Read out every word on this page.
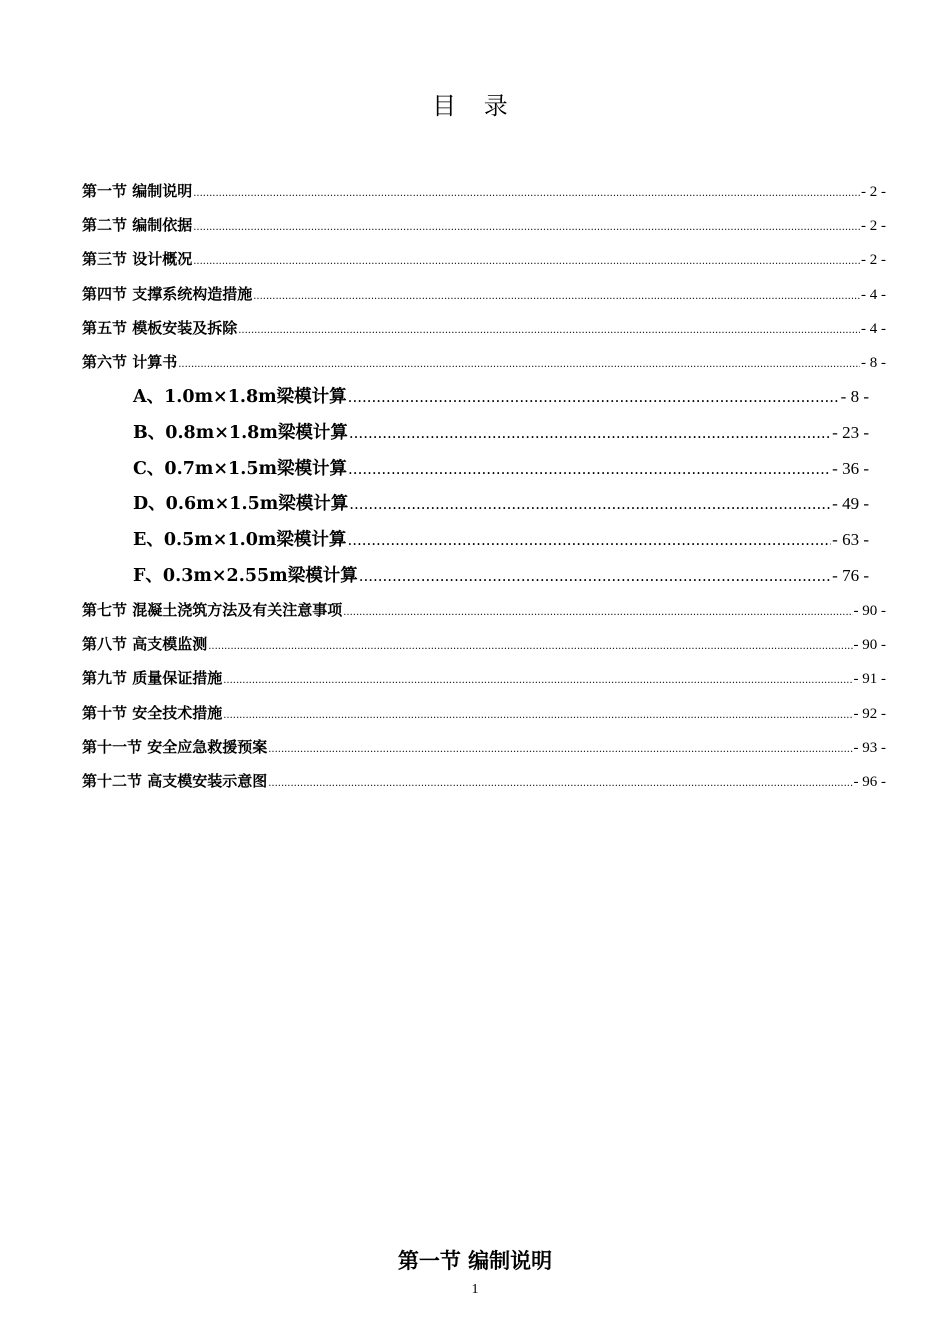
目 录
第一节 编制说明 .....	- 2 -
第二节 编制依据 .....	- 2 -
第三节 设计概况 .....	- 2 -
第四节 支撑系统构造措施 .....	- 4 -
第五节 模板安装及拆除 .....	- 4 -
第六节 计算书 .....	- 8 -
A、1.0m×1.8m梁模计算 .....	- 8 -
B、0.8m×1.8m梁模计算 .....	- 23 -
C、0.7m×1.5m梁模计算 .....	- 36 -
D、0.6m×1.5m梁模计算 .....	- 49 -
E、0.5m×1.0m梁模计算 .....	- 63 -
F、0.3m×2.55m梁模计算 .....	- 76 -
第七节 混凝土浇筑方法及有关注意事项 .....	- 90 -
第八节 高支模监测 .....	- 90 -
第九节 质量保证措施 .....	- 91 -
第十节 安全技术措施 .....	- 92 -
第十一节 安全应急救援预案 .....	- 93 -
第十二节 高支模安装示意图 .....	- 96 -
第一节 编制说明
1
